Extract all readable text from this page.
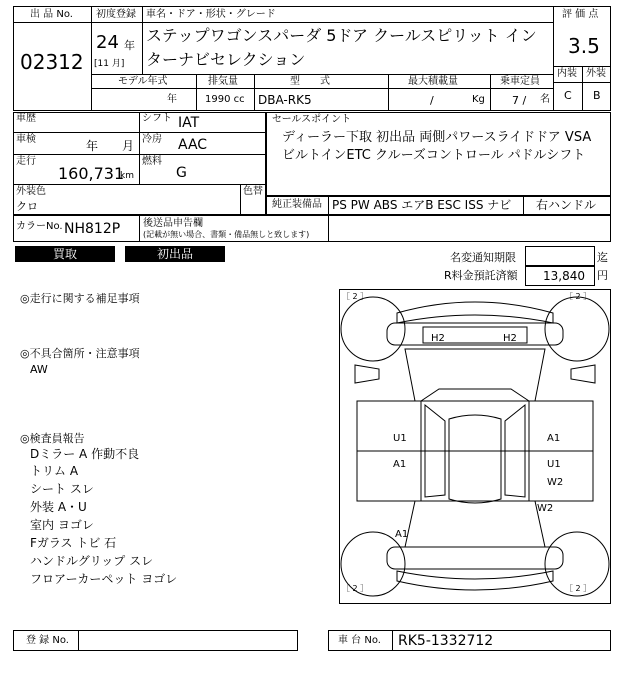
出 品 No.
02312
初度登録
24 年
[11 月]
車名・ドア・形状・グレード
ステップワゴンスパーダ 5ドア クールスピリット イン
ターナビセレクション
モデル年式
年
排気量
1990 cc
型　　式
DBA-RK5
最大積載量
/	Kg
乗車定員
7 / 名
評 価 点
3.5
内装 外装
C B
車歴
車検	年 月
走行
160,731
km
シフト IAT
冷房 AAC
燃料
G
外装色
クロ
色替
カラーNo. NH812P 後送品申告欄
(記載が無い場合、書類・備品無しと致します)
セールスポイント
ディーラー下取 初出品 両側パワースライドドア VSA
ビルトインETC クルーズコントロール パドルシフト
純正装備品 PS PW ABS エアB ESC ISS ナビ 右ハンドル
買取	初出品	名変通知期限	迄
R料金預託済額 13,840 円
◎走行に関する補足事項
◎不具合箇所・注意事項
AW
◎検査員報告
Dミラー A 作動不良
トリム A
シート スレ
外装 A・U
室内 ヨゴレ
Fガラス トビ 石
ハンドルグリップ スレ
フロアーカーペット ヨゴレ
［ 2 ］	［ 2 ］
［ 2 ］	［ 2 ］
H2	H2
U1
A1
A1
U1
W2
W2
A1
登 録 No.	車 台 No. RK5-1332712
